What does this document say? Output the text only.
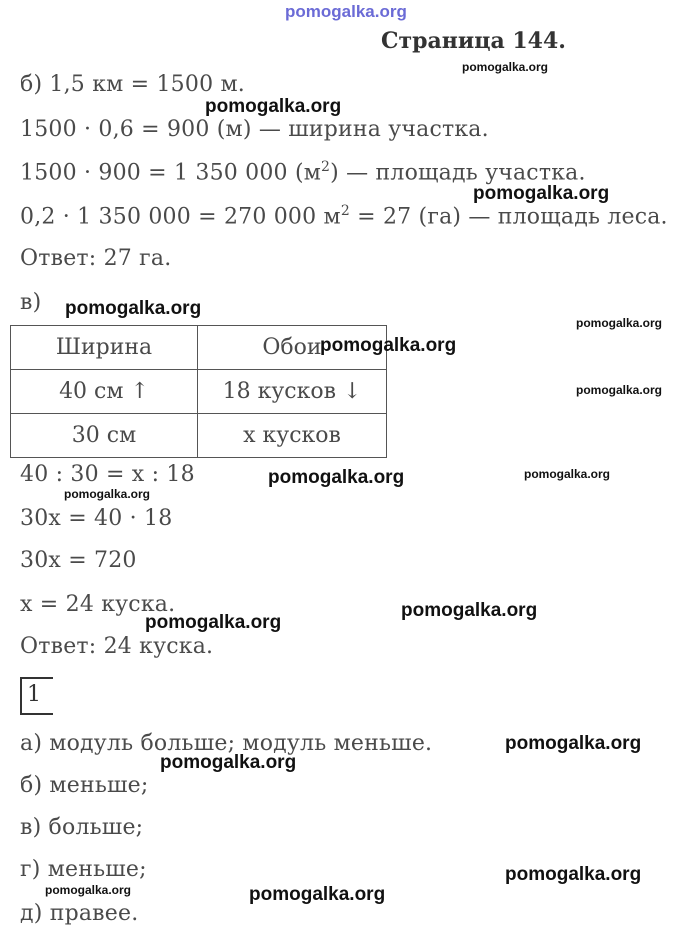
pomogalka.org
Страница 144.
pomogalka.org
б) 1,5 км = 1500 м.
pomogalka.org
1500 · 0,6 = 900 (м) — ширина участка.
1500 · 900 = 1 350 000 $(м^2)$ — площадь участка.
pomogalka.org
0,2 · 1 350 000 = 270 000 $м^2 = 27$ (га) — площадь леса.
Ответ: 27 га.
в) pomogalka.org
pomogalka.org
Ширина	Обои
40 см ↑	18 кусков ↓
30 см	x кусков
pomogalka.org
pomogalka.org
40 : 30 = x : 18	pomogalka.org	pomogalka.org
pomogalka.org
30x = 40 · 18
30x = 720
x = 24 куска.	pomogalka.org
pomogalka.org
Ответ: 24 куска.
1
а) модуль больше; модуль меньше.	pomogalka.org
pomogalka.org
б) меньше;
в) больше;
г) меньше;	pomogalka.org
pomogalka.org	pomogalka.org
д) правее.
